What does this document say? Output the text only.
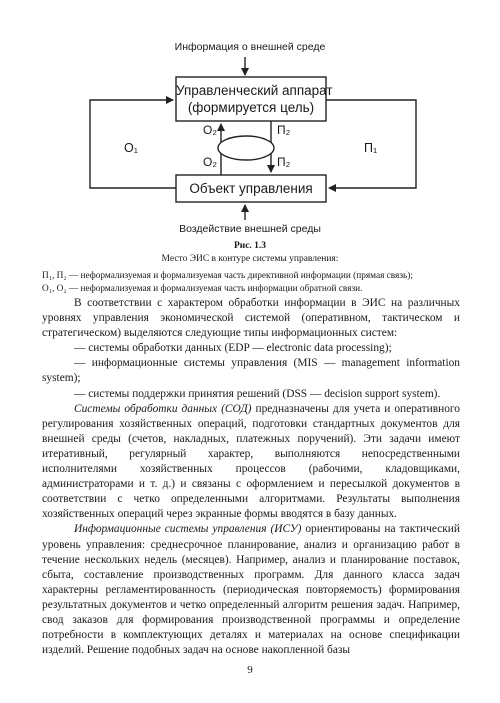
Информация о внешней среде
Управленческий аппарат
(формируется цель)
Объект управления
Воздействие внешней среды
O₁	П₁
O₂
O₂
П₂
П₂
Рис. 1.3
Место ЭИС в контуре системы управления:
П₁, П₂ — неформализуемая и формализуемая часть директивной информации (прямая связь);
O₁, O₂ — неформализуемая и формализуемая часть информации обратной связи.

В соответствии с характером обработки информации в ЭИС на различных уровнях управления экономической системой (оперативном, тактическом и стратегическом) выделяются следующие типы информационных систем:

— системы обработки данных (EDP — electronic data processing);

— информационные системы управления (MIS — management information system);

— системы поддержки принятия решений (DSS — decision support system).

Системы обработки данных (СОД) предназначены для учета и оперативного регулирования хозяйственных операций, подготовки стандартных документов для внешней среды (счетов, накладных, платежных поручений). Эти задачи имеют итеративный, регулярный характер, выполняются непосредственными исполнителями хозяйственных процессов (рабочими, кладовщиками, администраторами и т. д.) и связаны с оформлением и пересылкой документов в соответствии с четко определенными алгоритмами. Результаты выполнения хозяйственных операций через экранные формы вводятся в базу данных.

Информационные системы управления (ИСУ) ориентированы на тактический уровень управления: среднесрочное планирование, анализ и организацию работ в течение нескольких недель (месяцев). Например, анализ и планирование поставок, сбыта, составление производственных программ. Для данного класса задач характерны регламентированность (периодическая повторяемость) формирования результатных документов и четко определенный алгоритм решения задач. Например, свод заказов для формирования производственной программы и определение потребности в комплектующих деталях и материалах на основе спецификации изделий. Решение подобных задач на основе накопленной базы

9
